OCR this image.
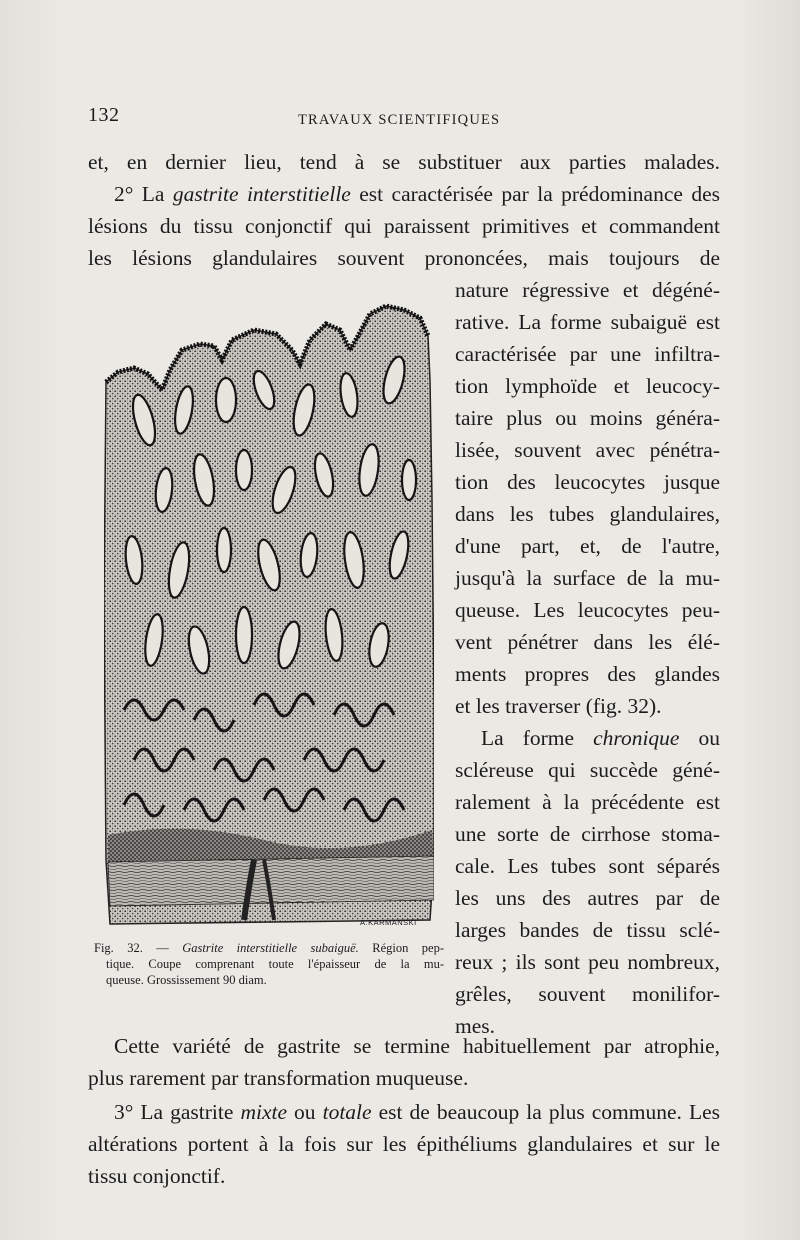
132	TRAVAUX SCIENTIFIQUES
et, en dernier lieu, tend à se substituer aux parties malades.
2° La gastrite interstitielle est caractérisée par la prédominance des
lésions du tissu conjonctif qui paraissent primitives et commandent
les lésions glandulaires souvent prononcées, mais toujours de
nature régressive et dégéné-
rative. La forme subaiguë est
caractérisée par une infiltra-
tion lymphoïde et leucocy-
taire plus ou moins généra-
lisée, souvent avec pénétra-
tion des leucocytes jusque
dans les tubes glandulaires,
d'une part, et, de l'autre,
jusqu'à la surface de la mu-
queuse. Les leucocytes peu-
vent pénétrer dans les élé-
ments propres des glandes
et les traverser (fig. 32).
La forme chronique ou
scléreuse qui succède géné-
ralement à la précédente est
une sorte de cirrhose stoma-
cale. Les tubes sont séparés
les uns des autres par de
larges bandes de tissu sclé-
reux ; ils sont peu nombreux,
grêles, souvent monilifor-
mes.
A.KARMANSKI
Fig. 32. — Gastrite interstitielle subaiguë. Région pep-
tique. Coupe comprenant toute l'épaisseur de la mu-
queuse. Grossissement 90 diam.
Cette variété de gastrite se termine habituellement par atrophie,
plus rarement par transformation muqueuse.
3° La gastrite mixte ou totale est de beaucoup la plus commune. Les
altérations portent à la fois sur les épithéliums glandulaires et sur le
tissu conjonctif.
